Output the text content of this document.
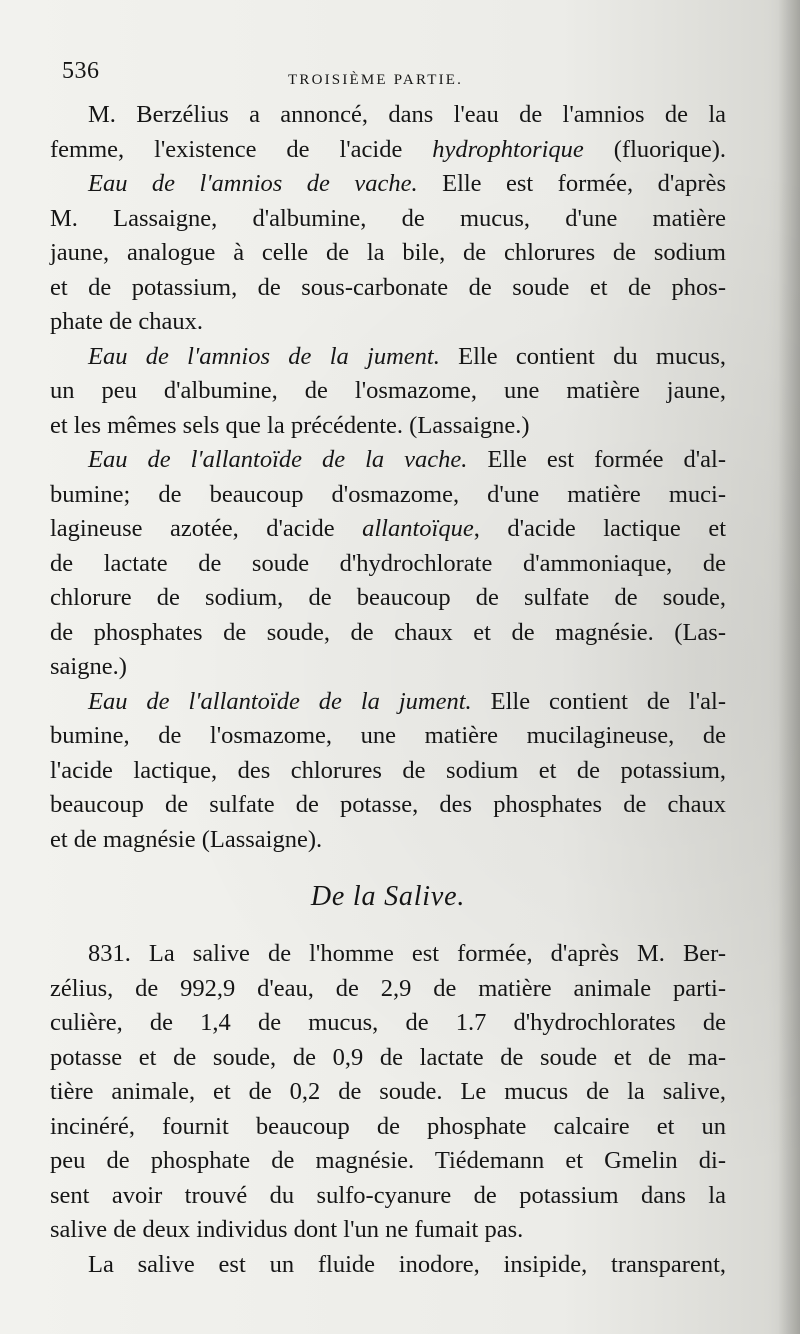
536	TROISIÈME PARTIE.
M. Berzélius a annoncé, dans l'eau de l'amnios de la
femme, l'existence de l'acide hydrophtorique (fluorique).
Eau de l'amnios de vache. Elle est formée, d'après
M. Lassaigne, d'albumine, de mucus, d'une matière
jaune, analogue à celle de la bile, de chlorures de sodium
et de potassium, de sous-carbonate de soude et de phos-
phate de chaux.
Eau de l'amnios de la jument. Elle contient du mucus,
un peu d'albumine, de l'osmazome, une matière jaune,
et les mêmes sels que la précédente. (Lassaigne.)
Eau de l'allantoïde de la vache. Elle est formée d'al-
bumine; de beaucoup d'osmazome, d'une matière muci-
lagineuse azotée, d'acide allantoïque, d'acide lactique et
de lactate de soude d'hydrochlorate d'ammoniaque, de
chlorure de sodium, de beaucoup de sulfate de soude,
de phosphates de soude, de chaux et de magnésie. (Las-
saigne.)
Eau de l'allantoïde de la jument. Elle contient de l'al-
bumine, de l'osmazome, une matière mucilagineuse, de
l'acide lactique, des chlorures de sodium et de potassium,
beaucoup de sulfate de potasse, des phosphates de chaux
et de magnésie (Lassaigne).
De la Salive.
831. La salive de l'homme est formée, d'après M. Ber-
zélius, de 992,9 d'eau, de 2,9 de matière animale parti-
culière, de 1,4 de mucus, de 1.7 d'hydrochlorates de
potasse et de soude, de 0,9 de lactate de soude et de ma-
tière animale, et de 0,2 de soude. Le mucus de la salive,
incinéré, fournit beaucoup de phosphate calcaire et un
peu de phosphate de magnésie. Tiédemann et Gmelin di-
sent avoir trouvé du sulfo-cyanure de potassium dans la
salive de deux individus dont l'un ne fumait pas.
La salive est un fluide inodore, insipide, transparent,
